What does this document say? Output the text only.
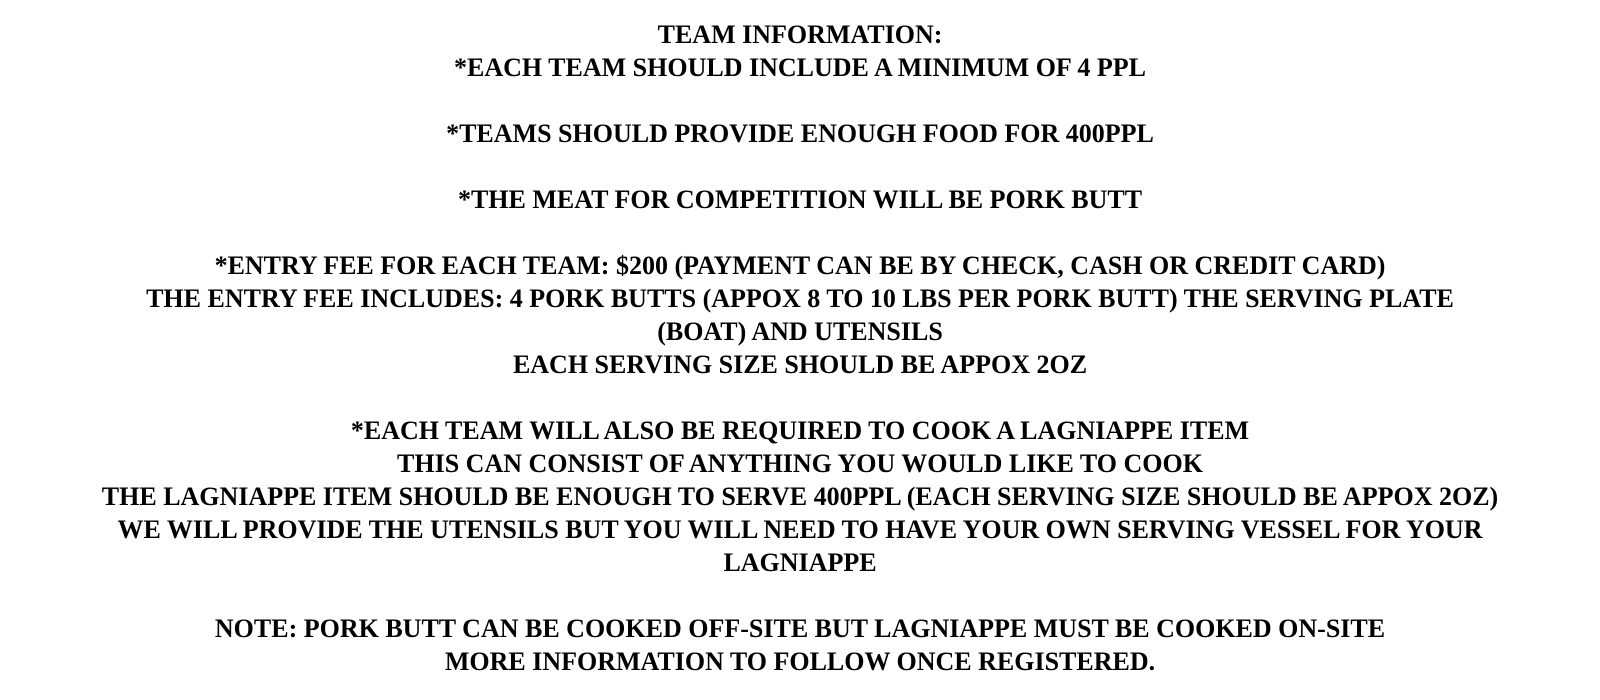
TEAM INFORMATION:

*EACH TEAM SHOULD INCLUDE A MINIMUM OF 4 PPL

*TEAMS SHOULD PROVIDE ENOUGH FOOD FOR 400PPL

*THE MEAT FOR COMPETITION WILL BE PORK BUTT

*ENTRY FEE FOR EACH TEAM: $200 (PAYMENT CAN BE BY CHECK, CASH OR CREDIT CARD)

THE ENTRY FEE INCLUDES: 4 PORK BUTTS (APPOX 8 TO 10 LBS PER PORK BUTT) THE SERVING PLATE

(BOAT) AND UTENSILS

EACH SERVING SIZE SHOULD BE APPOX 2OZ

*EACH TEAM WILL ALSO BE REQUIRED TO COOK A LAGNIAPPE ITEM

THIS CAN CONSIST OF ANYTHING YOU WOULD LIKE TO COOK

THE LAGNIAPPE ITEM SHOULD BE ENOUGH TO SERVE 400PPL (EACH SERVING SIZE SHOULD BE APPOX 2OZ)

WE WILL PROVIDE THE UTENSILS BUT YOU WILL NEED TO HAVE YOUR OWN SERVING VESSEL FOR YOUR

LAGNIAPPE

NOTE: PORK BUTT CAN BE COOKED OFF-SITE BUT LAGNIAPPE MUST BE COOKED ON-SITE

MORE INFORMATION TO FOLLOW ONCE REGISTERED.
